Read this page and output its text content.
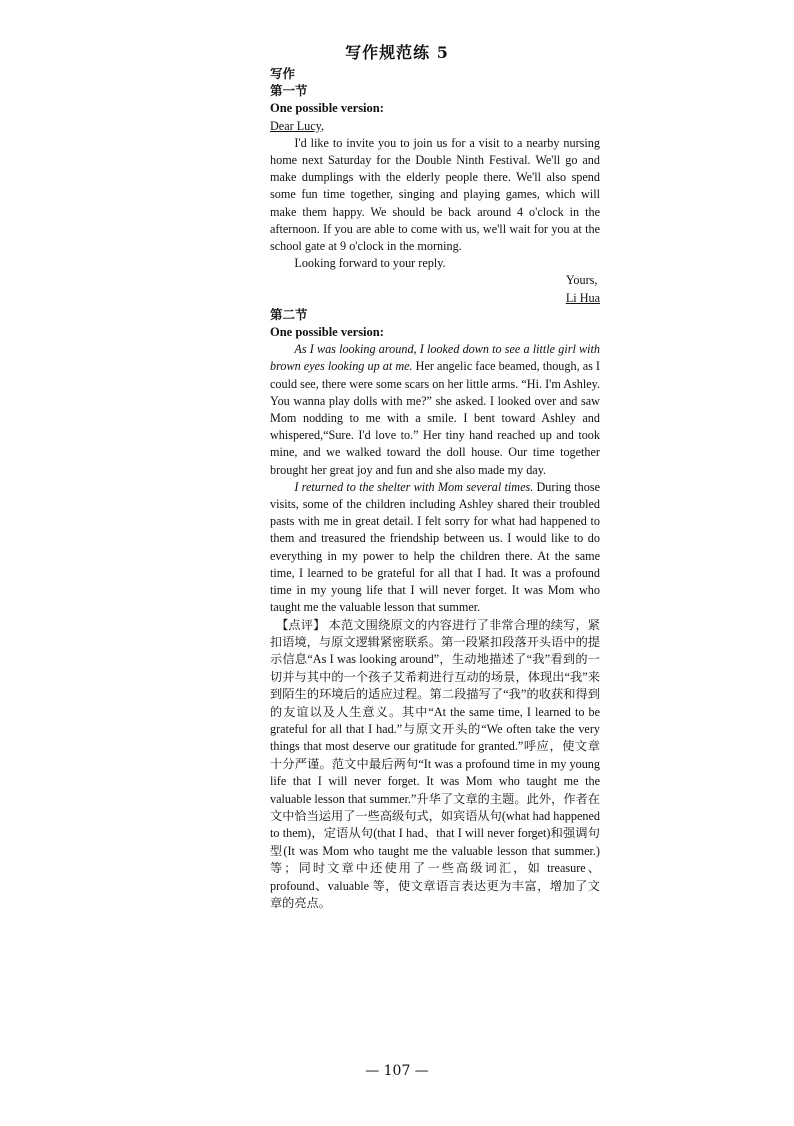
写作规范练 5

写作

第一节

One possible version:

Dear Lucy,

I'd like to invite you to join us for a visit to a nearby nursing home next Saturday for the Double Ninth Festival. We'll go and make dumplings with the elderly people there. We'll also spend some fun time together, singing and playing games, which will make them happy. We should be back around 4 o'clock in the afternoon. If you are able to come with us, we'll wait for you at the school gate at 9 o'clock in the morning.

Looking forward to your reply.

Yours,
Li Hua

第二节

One possible version:

As I was looking around, I looked down to see a little girl with brown eyes looking up at me. Her angelic face beamed, though, as I could see, there were some scars on her little arms. “Hi. I'm Ashley. You wanna play dolls with me?” she asked. I looked over and saw Mom nodding to me with a smile. I bent toward Ashley and whispered,“Sure. I'd love to.” Her tiny hand reached up and took mine, and we walked toward the doll house. Our time together brought her great joy and fun and she also made my day.

I returned to the shelter with Mom several times. During those visits, some of the children including Ashley shared their troubled pasts with me in great detail. I felt sorry for what had happened to them and treasured the friendship between us. I would like to do everything in my power to help the children there. At the same time, I learned to be grateful for all that I had. It was a profound time in my young life that I will never forget. It was Mom who taught me the valuable lesson that summer.

【点评】 本范文围绕原文的内容进行了非常合理的续写，紧扣语境，与原文逻辑紧密联系。第一段紧扣段落开头语中的提示信息“As I was looking around”，生动地描述了“我”看到的一切并与其中的一个孩子艾希莉进行互动的场景，体现出“我”来到陌生的环境后的适应过程。第二段描写了“我”的收获和得到的友谊以及人生意义。其中“At the same time, I learned to be grateful for all that I had.”与原文开头的“We often take the very things that most deserve our gratitude for granted.”呼应，使文章十分严谨。范文中最后两句“It was a profound time in my young life that I will never forget. It was Mom who taught me the valuable lesson that summer.”升华了文章的主题。此外，作者在文中恰当运用了一些高级句式，如宾语从句(what had happened to them)，定语从句(that I had、that I will never forget)和强调句型(It was Mom who taught me the valuable lesson that summer.)等；同时文章中还使用了一些高级词汇，如 treasure、profound、valuable 等，使文章语言表达更为丰富，增加了文章的亮点。

— 107 —
